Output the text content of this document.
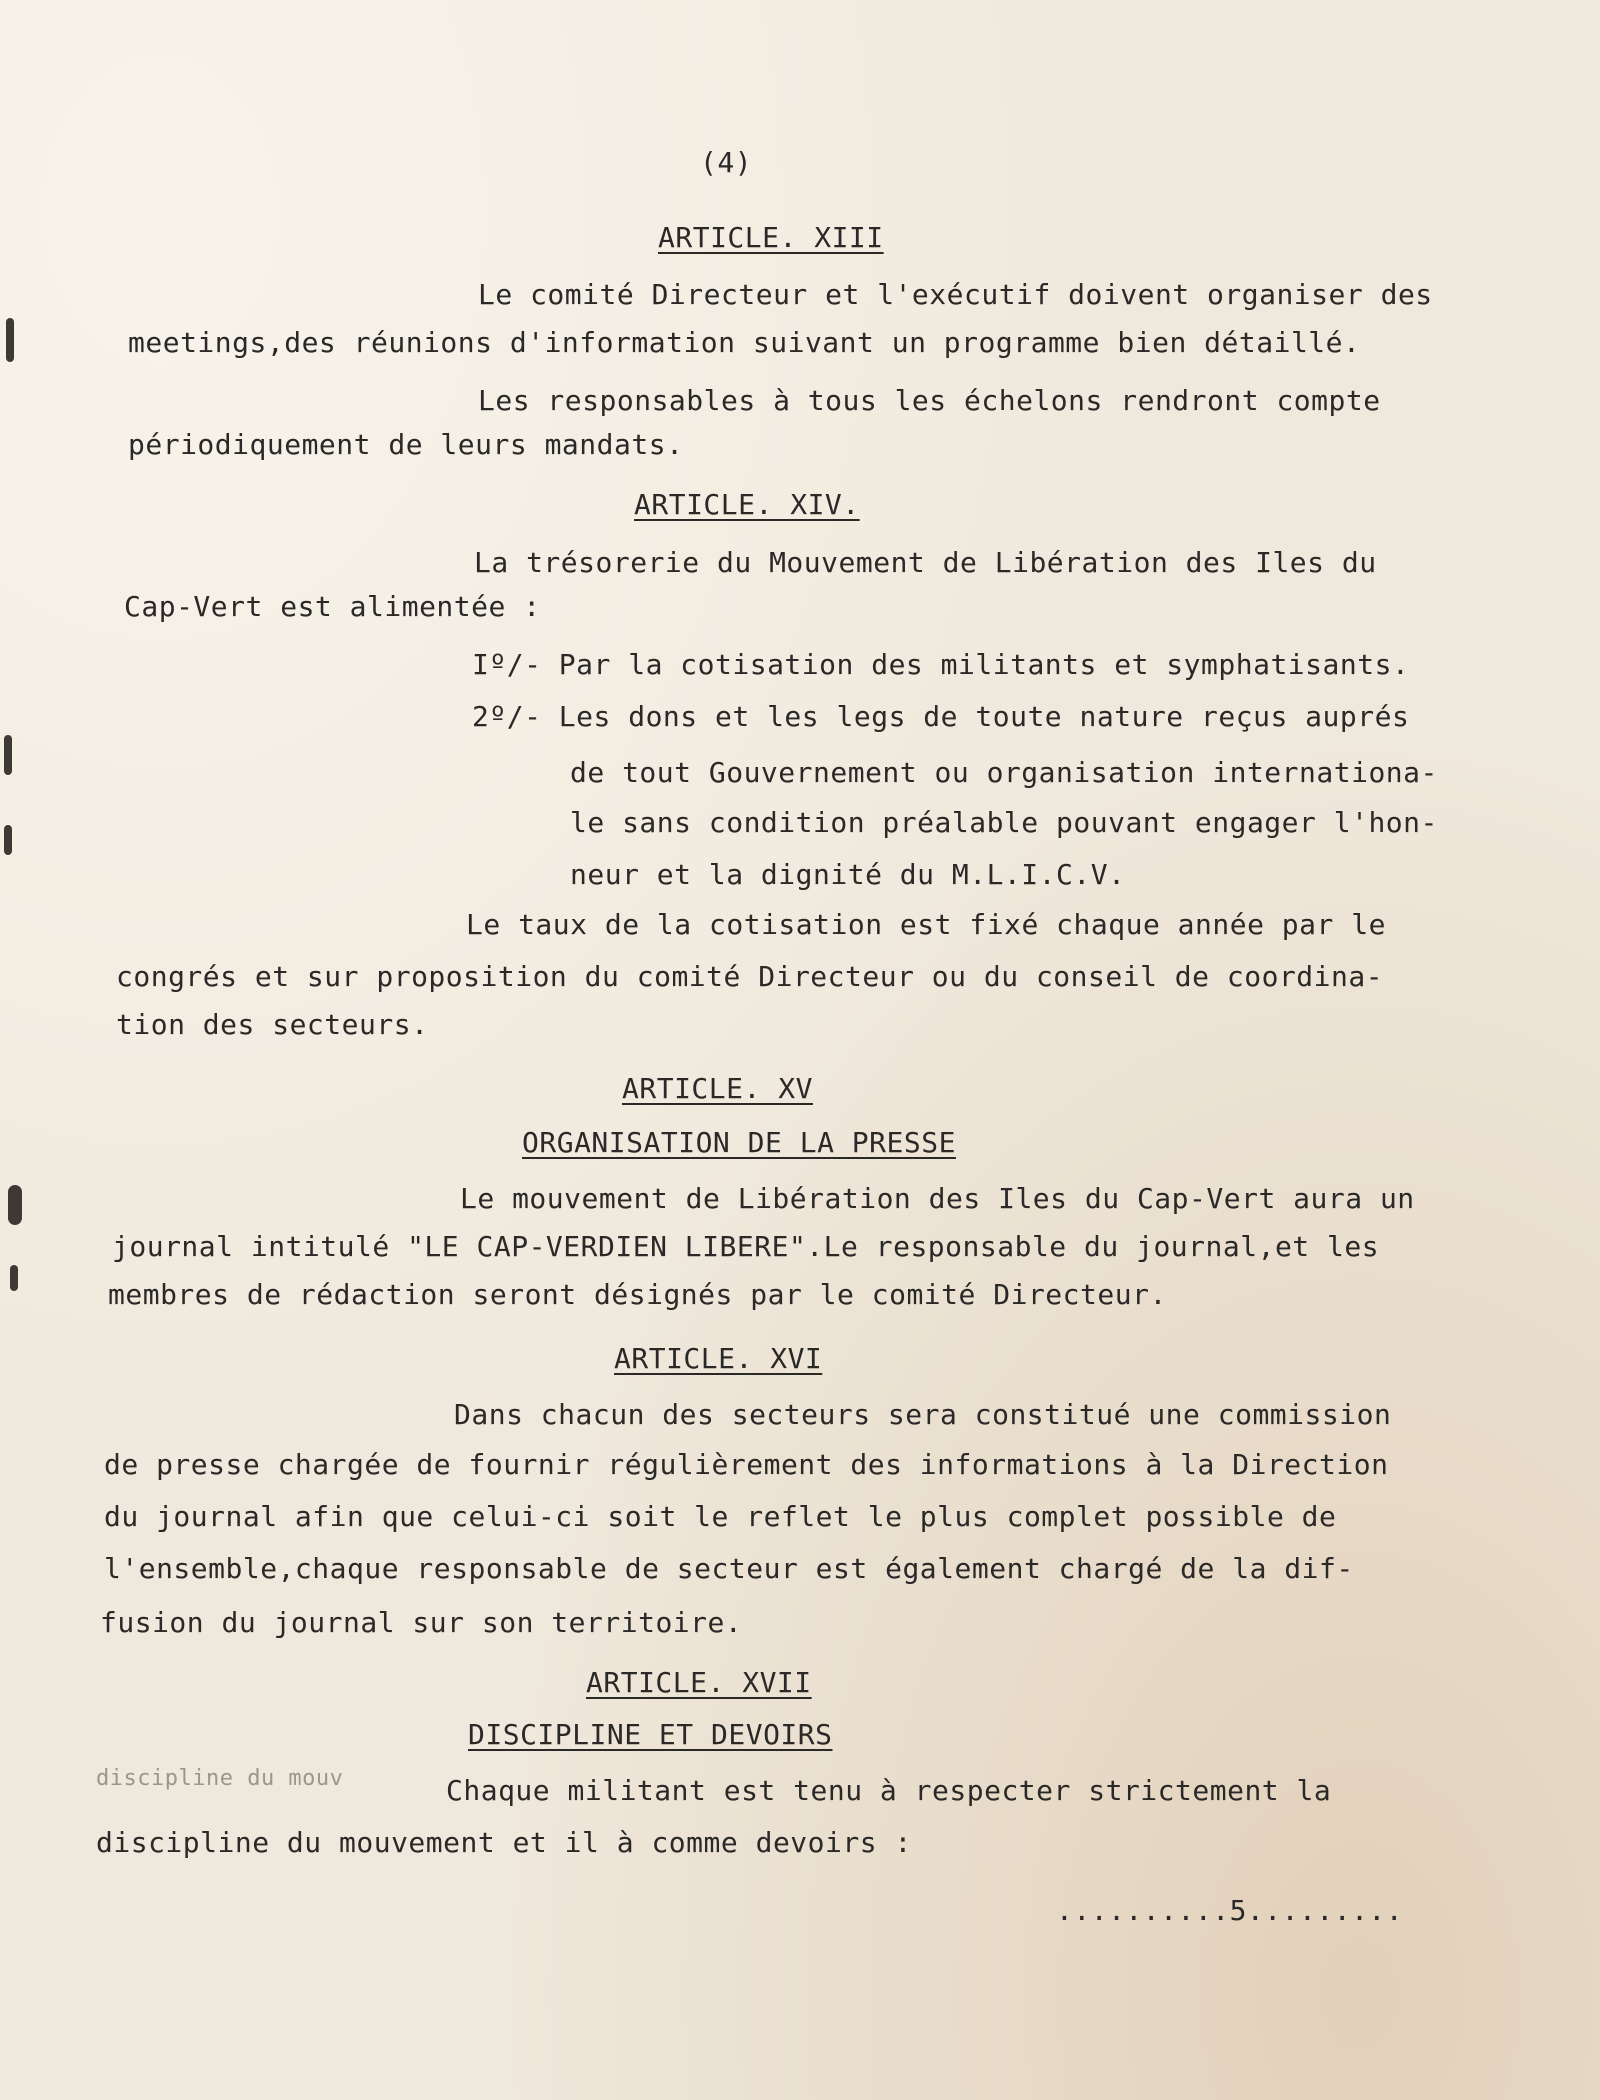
(4)
ARTICLE. XIII
Le comité Directeur et l'exécutif doivent organiser des
meetings,des réunions d'information suivant un programme bien détaillé.
Les responsables à tous les échelons rendront compte
périodiquement de leurs mandats.
ARTICLE. XIV.
La trésorerie du Mouvement de Libération des Iles du
Cap-Vert est alimentée :
Iº/- Par la cotisation des militants et symphatisants.
2º/- Les dons et les legs de toute nature reçus auprés
de tout Gouvernement ou organisation internationa-
le sans condition préalable pouvant engager l'hon-
neur et la dignité du M.L.I.C.V.
Le taux de la cotisation est fixé chaque année par le
congrés et sur proposition du comité Directeur ou du conseil de coordina-
tion des secteurs.
ARTICLE. XV
ORGANISATION DE LA PRESSE
Le mouvement de Libération des Iles du Cap-Vert aura un
journal intitulé "LE CAP-VERDIEN LIBERE".Le responsable du journal,et les
membres de rédaction seront désignés par le comité Directeur.
ARTICLE. XVI
Dans chacun des secteurs sera constitué une commission
de presse chargée de fournir régulièrement des informations à la Direction
du journal afin que celui-ci soit le reflet le plus complet possible de
l'ensemble,chaque responsable de secteur est également chargé de la dif-
fusion du journal sur son territoire.
ARTICLE. XVII
DISCIPLINE ET DEVOIRS
discipline du mouv	Chaque militant est tenu à respecter strictement la
discipline du mouvement et il à comme devoirs :
..........5.........
